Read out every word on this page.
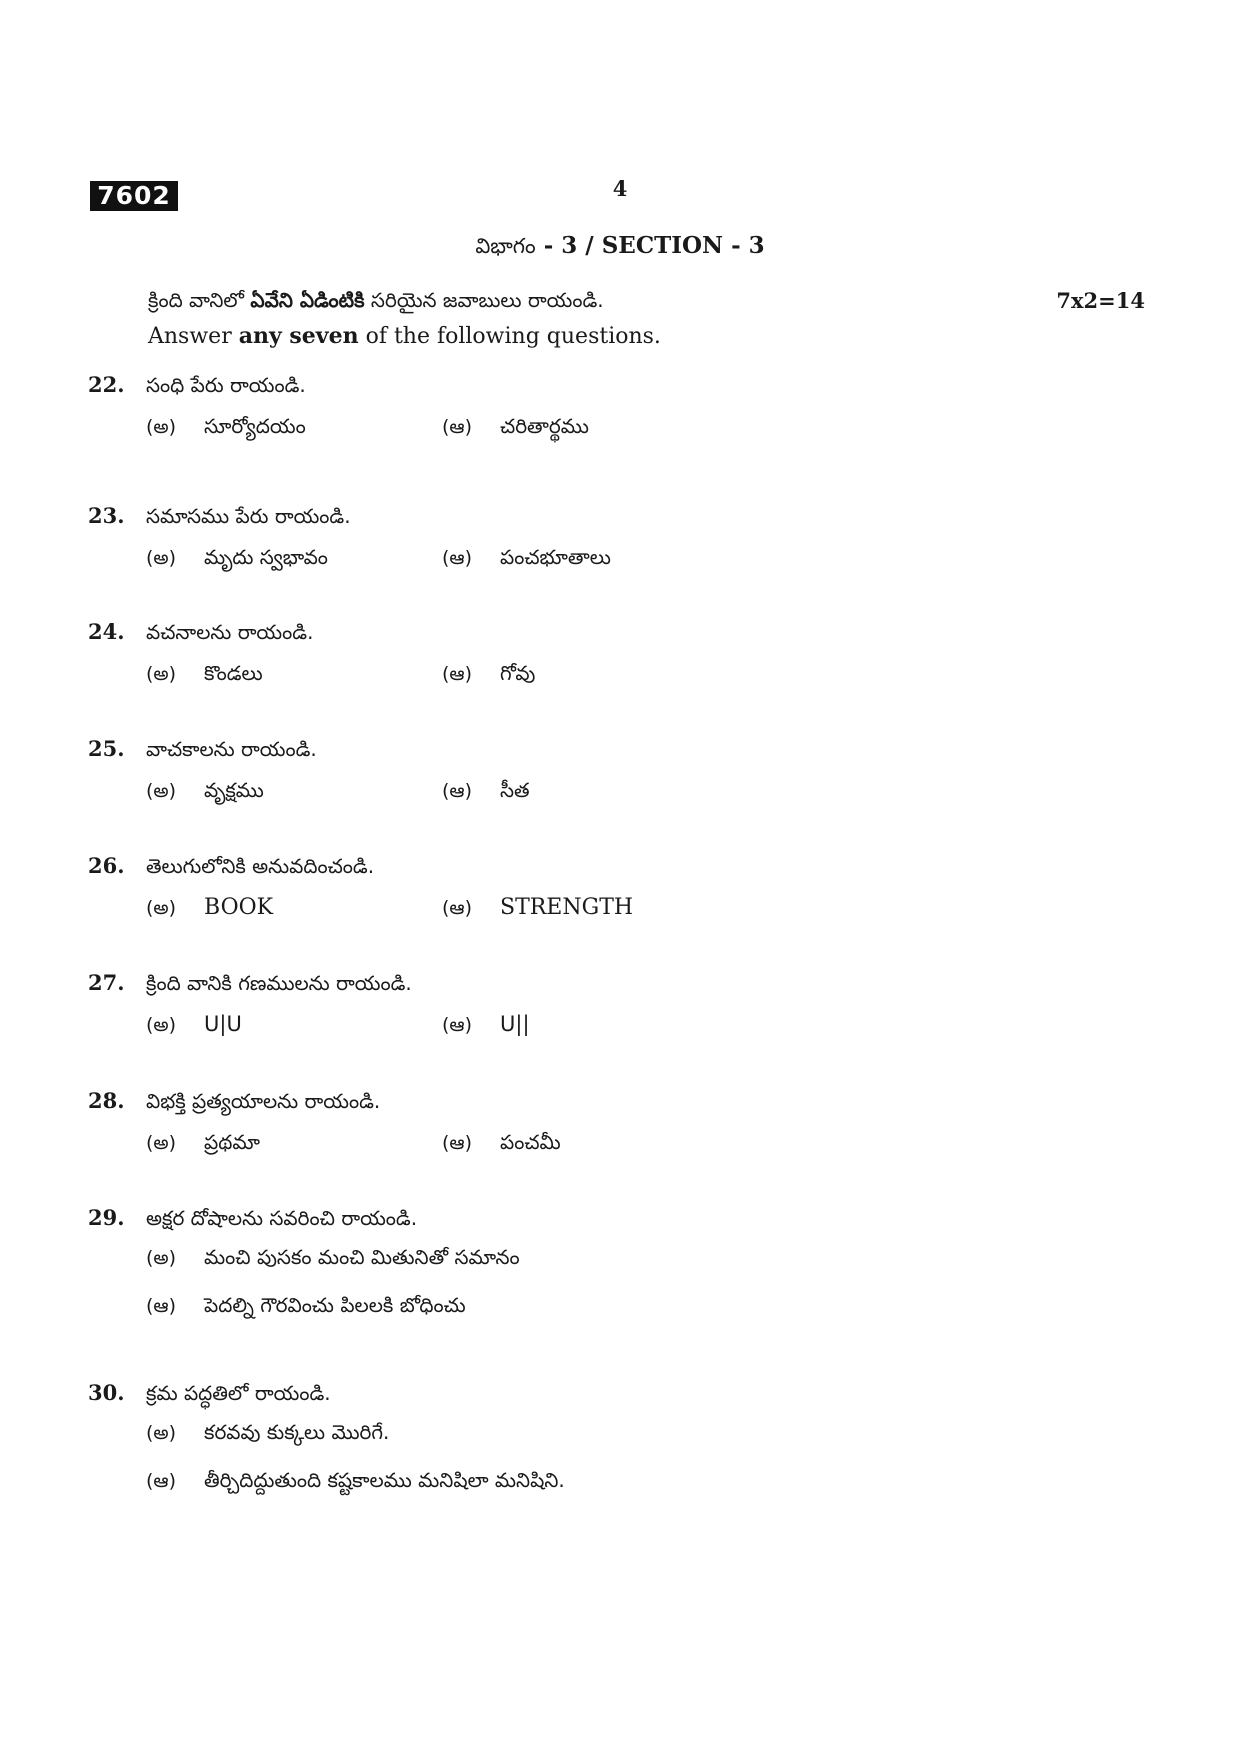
7602	4
విభాగం - 3 / SECTION - 3
క్రింది వానిలో ఏవేని ఏడింటికి సరియైన జవాబులు రాయండి.
Answer any seven of the following questions.
7x2=14
22.	సంధి పేరు రాయండి.
(అ)	సూర్యోదయం	(ఆ)	చరితార్థము
23.	సమాసము పేరు రాయండి.
(అ)	మృదు స్వభావం	(ఆ)	పంచభూతాలు
24.	వచనాలను రాయండి.
(అ)	కొండలు	(ఆ)	గోవు
25.	వాచకాలను రాయండి.
(అ)	వృక్షము	(ఆ)	సీత
26.	తెలుగులోనికి అనువదించండి.
(అ)	BOOK	(ఆ)	STRENGTH
27.	క్రింది వానికి గణములను రాయండి.
(అ)	U|U	(ఆ)	U||
28.	విభక్తి ప్రత్యయాలను రాయండి.
(అ)	ప్రథమా	(ఆ)	పంచమీ
29.	అక్షర దోషాలను సవరించి రాయండి.
(అ)	మంచి పుసకం మంచి మితునితో సమానం
(ఆ)	పెదల్ని గౌరవించు పిలలకి బోధించు
30.	క్రమ పద్ధతిలో రాయండి.
(అ)	కరవవు కుక్కలు మొరిగే.
(ఆ)	తీర్చిదిద్దుతుంది కష్టకాలము మనిషిలా మనిషిని.
